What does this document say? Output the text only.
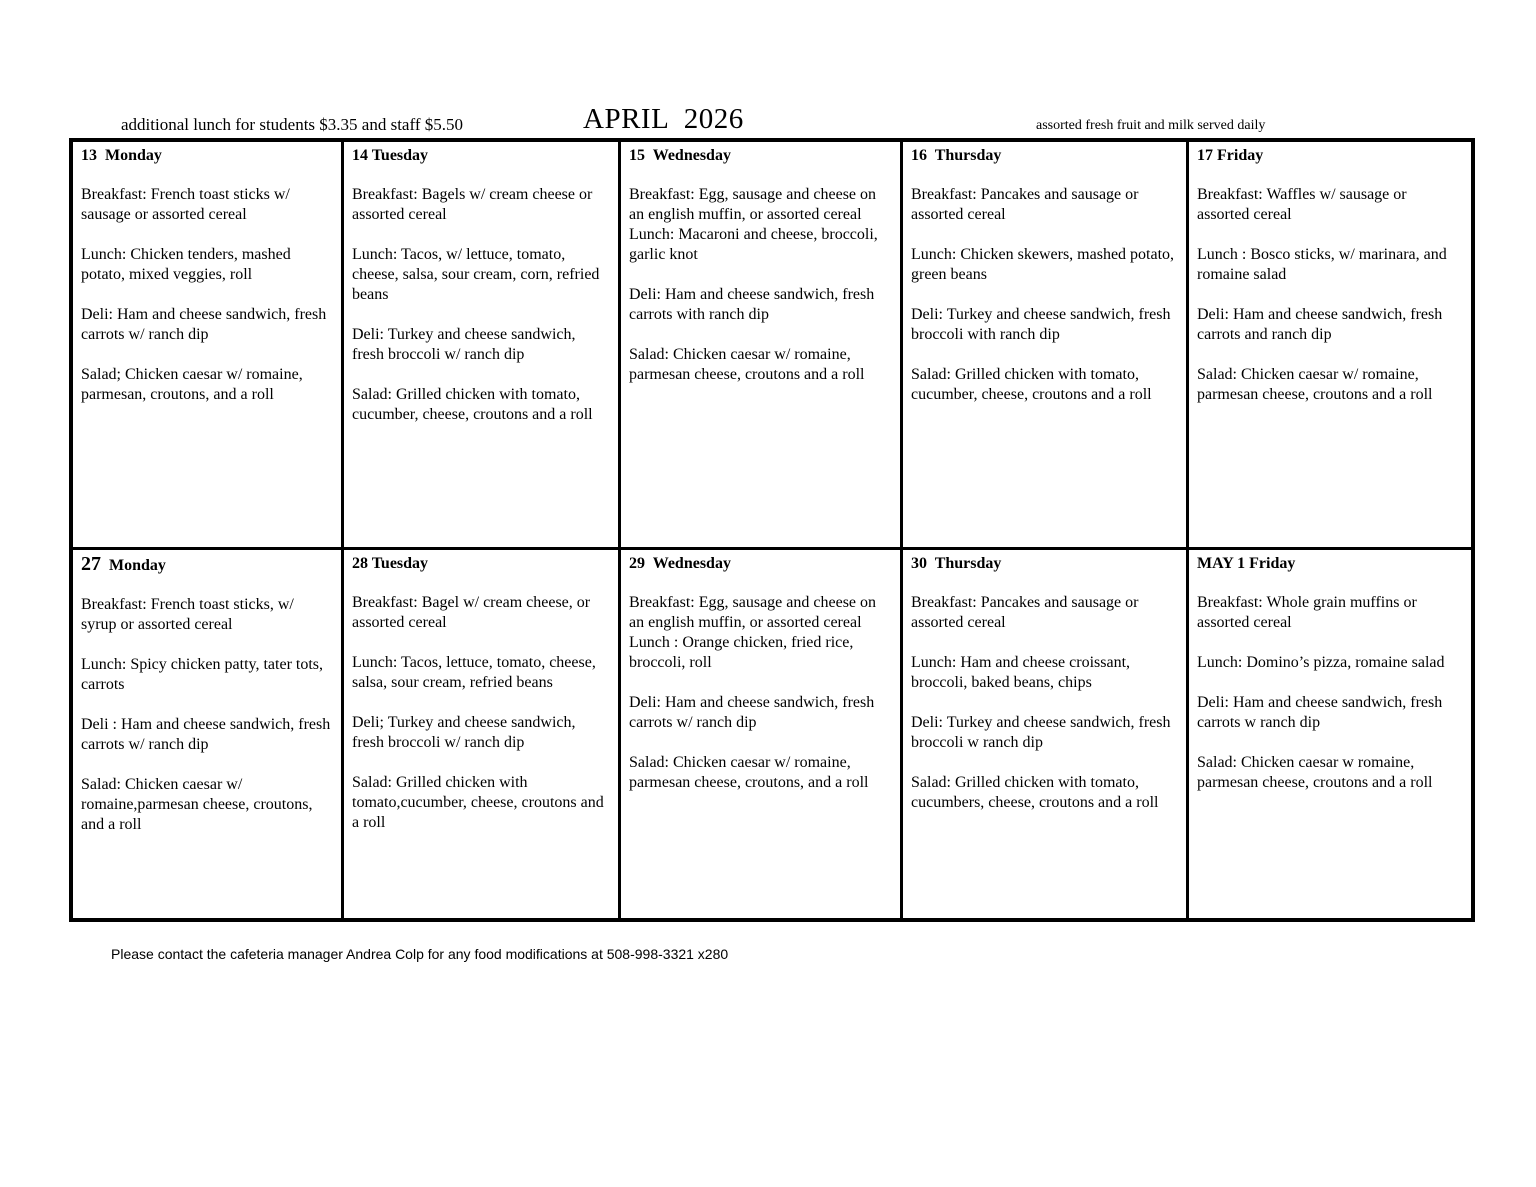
additional lunch for students $3.35 and staff $5.50	APRIL  2026	assorted fresh fruit and milk served daily
13  Monday
Breakfast: French toast sticks w/ sausage or assorted cereal
Lunch: Chicken tenders, mashed potato, mixed veggies, roll
Deli: Ham and cheese sandwich, fresh carrots w/ ranch dip
Salad; Chicken caesar w/ romaine, parmesan, croutons, and a roll
14 Tuesday
Breakfast: Bagels w/ cream cheese or assorted cereal
Lunch: Tacos, w/ lettuce, tomato, cheese, salsa, sour cream, corn, refried beans
Deli: Turkey and cheese sandwich, fresh broccoli w/ ranch dip
Salad: Grilled chicken with tomato, cucumber, cheese, croutons and a roll
15  Wednesday
Breakfast: Egg, sausage and cheese on an english muffin, or assorted cereal
Lunch: Macaroni and cheese, broccoli, garlic knot
Deli: Ham and cheese sandwich, fresh carrots with ranch dip
Salad: Chicken caesar w/ romaine, parmesan cheese, croutons and a roll
16  Thursday
Breakfast: Pancakes and sausage or assorted cereal
Lunch: Chicken skewers, mashed potato, green beans
Deli: Turkey and cheese sandwich, fresh broccoli with ranch dip
Salad: Grilled chicken with tomato, cucumber, cheese, croutons and a roll
17 Friday
Breakfast: Waffles w/ sausage or assorted cereal
Lunch : Bosco sticks, w/ marinara, and romaine salad
Deli: Ham and cheese sandwich, fresh carrots and ranch dip
Salad: Chicken caesar w/ romaine, parmesan cheese, croutons and a roll
27  Monday
Breakfast: French toast sticks, w/ syrup or assorted cereal
Lunch: Spicy chicken patty, tater tots, carrots
Deli : Ham and cheese sandwich, fresh carrots w/ ranch dip
Salad: Chicken caesar w/ romaine,parmesan cheese, croutons, and a roll
28 Tuesday
Breakfast: Bagel w/ cream cheese, or assorted cereal
Lunch: Tacos, lettuce, tomato, cheese, salsa, sour cream, refried beans
Deli; Turkey and cheese sandwich, fresh broccoli w/ ranch dip
Salad: Grilled chicken with tomato,cucumber, cheese, croutons and a roll
29  Wednesday
Breakfast: Egg, sausage and cheese on an english muffin, or assorted cereal
Lunch : Orange chicken, fried rice, broccoli, roll
Deli: Ham and cheese sandwich, fresh carrots w/ ranch dip
Salad: Chicken caesar w/ romaine, parmesan cheese, croutons, and a roll
30  Thursday
Breakfast: Pancakes and sausage or assorted cereal
Lunch: Ham and cheese croissant, broccoli, baked beans, chips
Deli: Turkey and cheese sandwich, fresh broccoli w ranch dip
Salad: Grilled chicken with tomato, cucumbers, cheese, croutons and a roll
MAY 1 Friday
Breakfast: Whole grain muffins or assorted cereal
Lunch: Domino’s pizza, romaine salad
Deli: Ham and cheese sandwich, fresh carrots w ranch dip
Salad: Chicken caesar w romaine, parmesan cheese, croutons and a roll
Please contact the cafeteria manager Andrea Colp for any food modifications at 508-998-3321 x280
